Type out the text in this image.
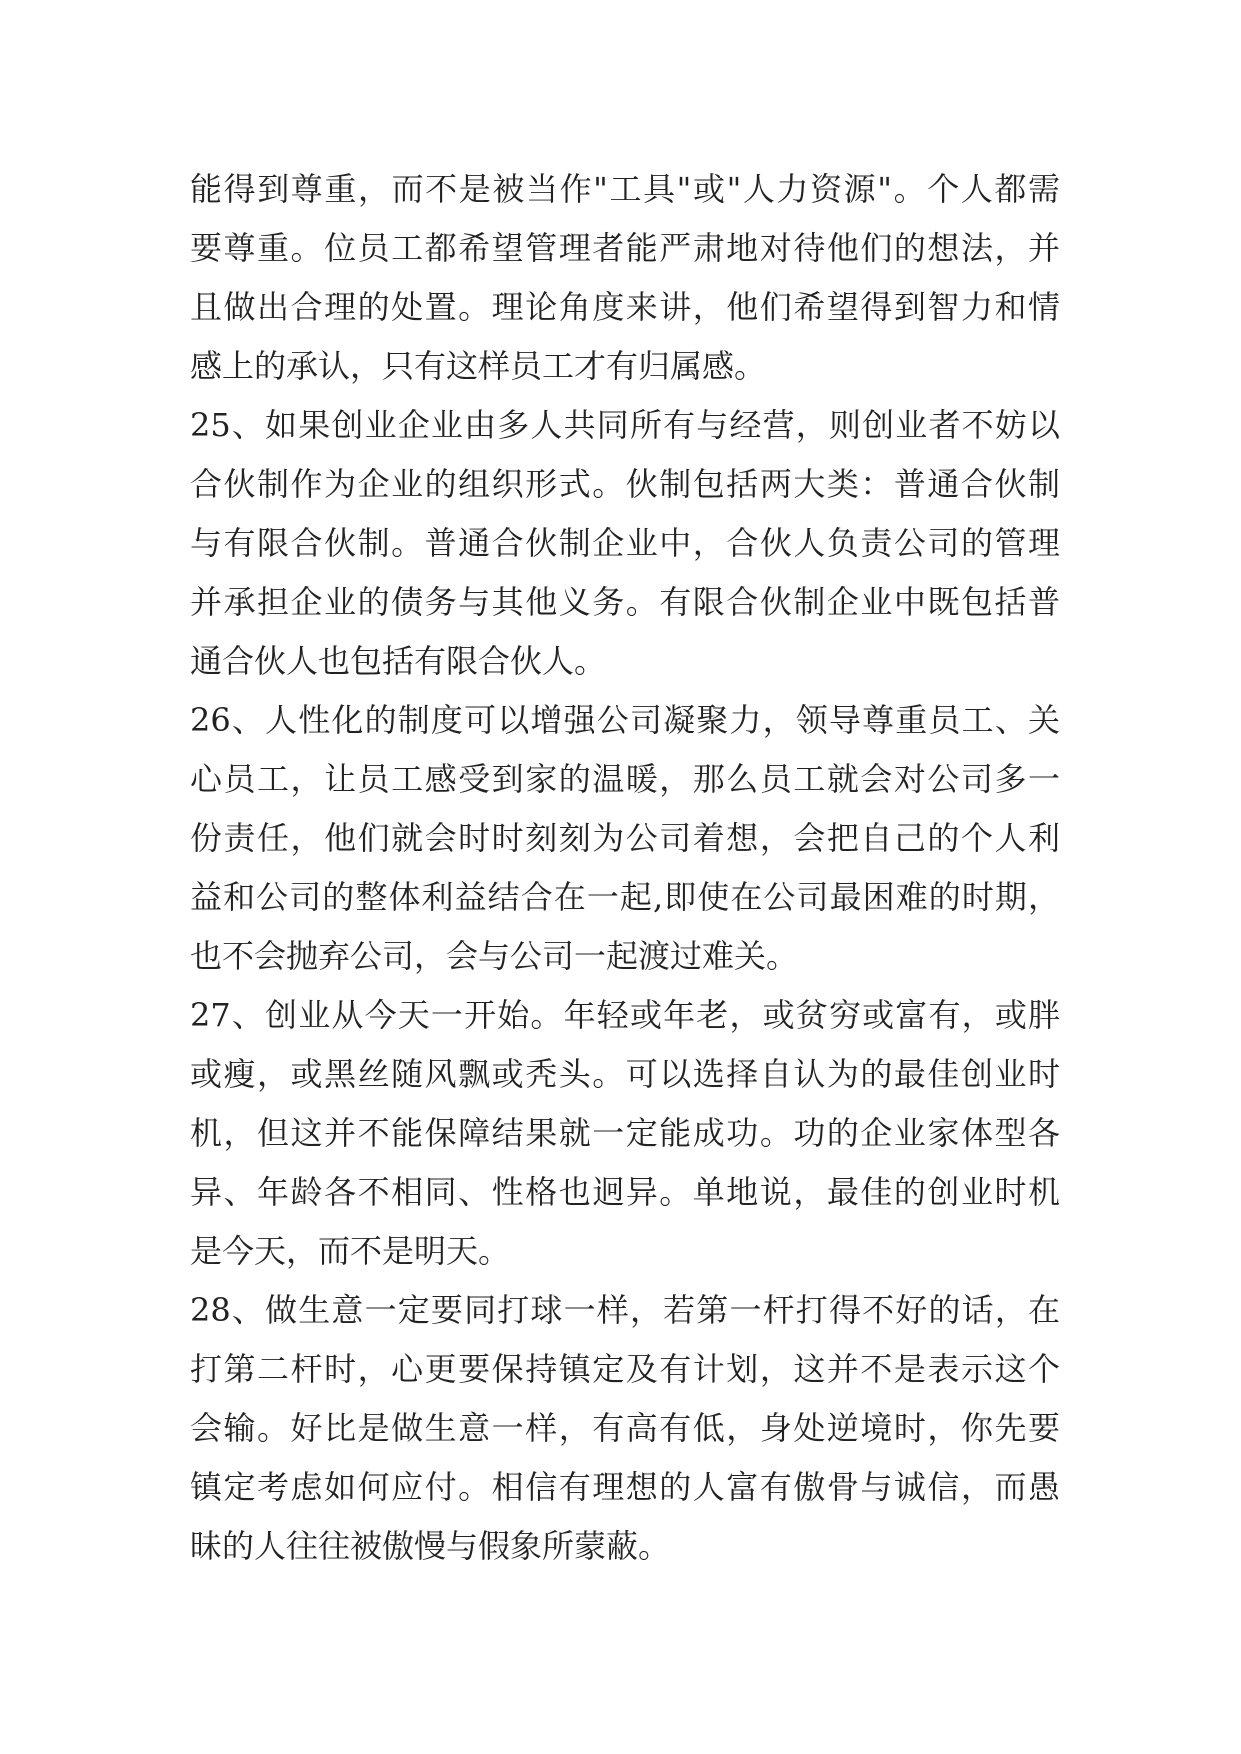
能得到尊重，而不是被当作"工具"或"人力资源"。个人都需
要尊重。位员工都希望管理者能严肃地对待他们的想法，并
且做出合理的处置。理论角度来讲，他们希望得到智力和情
感上的承认，只有这样员工才有归属感。
25、如果创业企业由多人共同所有与经营，则创业者不妨以
合伙制作为企业的组织形式。伙制包括两大类：普通合伙制
与有限合伙制。普通合伙制企业中，合伙人负责公司的管理
并承担企业的债务与其他义务。有限合伙制企业中既包括普
通合伙人也包括有限合伙人。
26、人性化的制度可以增强公司凝聚力，领导尊重员工、关
心员工，让员工感受到家的温暖，那么员工就会对公司多一
份责任，他们就会时时刻刻为公司着想，会把自己的个人利
益和公司的整体利益结合在一起,即使在公司最困难的时期，
也不会抛弃公司，会与公司一起渡过难关。
27、创业从今天一开始。年轻或年老，或贫穷或富有，或胖
或瘦，或黑丝随风飘或秃头。可以选择自认为的最佳创业时
机，但这并不能保障结果就一定能成功。功的企业家体型各
异、年龄各不相同、性格也迥异。单地说，最佳的创业时机
是今天，而不是明天。
28、做生意一定要同打球一样，若第一杆打得不好的话，在
打第二杆时，心更要保持镇定及有计划，这并不是表示这个
会输。好比是做生意一样，有高有低，身处逆境时，你先要
镇定考虑如何应付。相信有理想的人富有傲骨与诚信，而愚
昧的人往往被傲慢与假象所蒙蔽。
